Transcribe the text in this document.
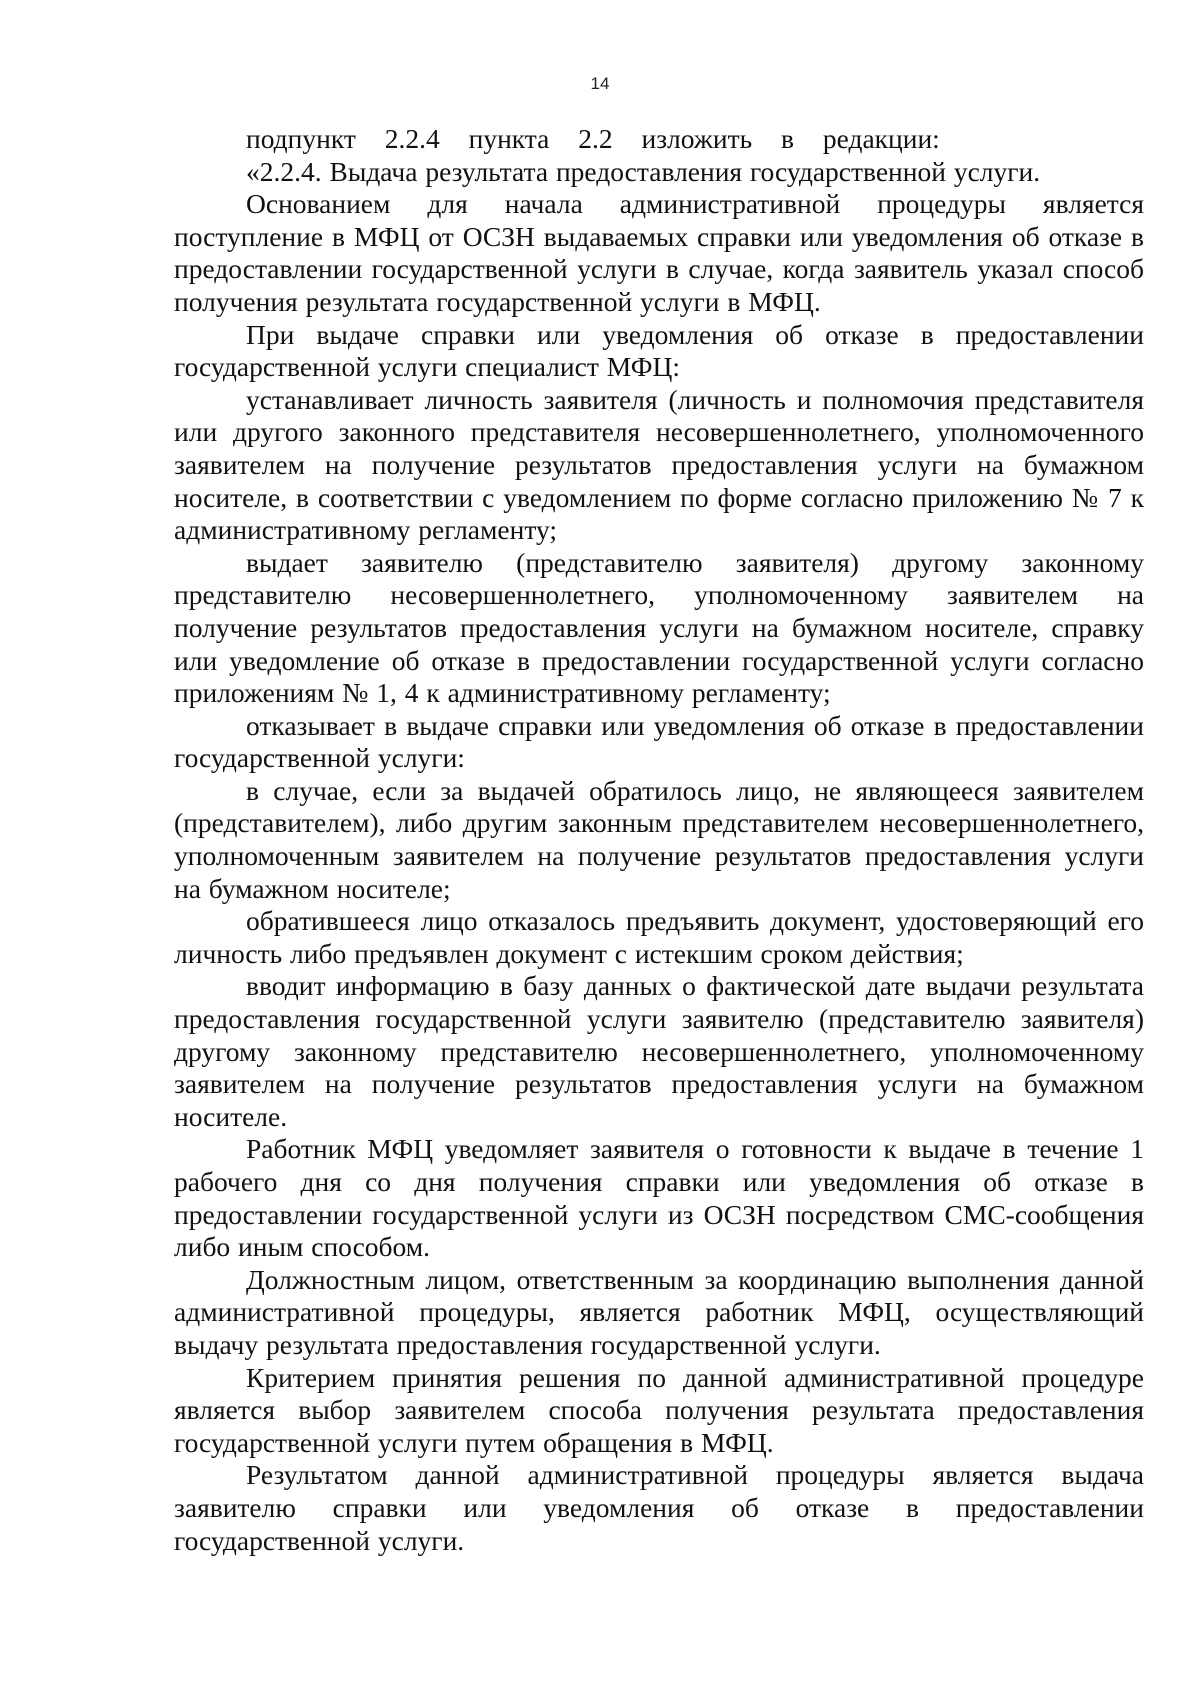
14

подпункт 2.2.4 пункта 2.2 изложить в редакции:

«2.2.4. Выдача результата предоставления государственной услуги.

Основанием для начала административной процедуры является поступление в МФЦ от ОСЗН выдаваемых справки или уведомления об отказе в предоставлении государственной услуги в случае, когда заявитель указал способ получения результата государственной услуги в МФЦ.

При выдаче справки или уведомления об отказе в предоставлении государственной услуги специалист МФЦ:

устанавливает личность заявителя (личность и полномочия представителя или другого законного представителя несовершеннолетнего, уполномоченного заявителем на получение результатов предоставления услуги на бумажном носителе, в соответствии с уведомлением по форме согласно приложению № 7 к административному регламенту;

выдает заявителю (представителю заявителя) другому законному представителю несовершеннолетнего, уполномоченному заявителем на получение результатов предоставления услуги на бумажном носителе, справку или уведомление об отказе в предоставлении государственной услуги согласно приложениям № 1, 4 к административному регламенту;

отказывает в выдаче справки или уведомления об отказе в предоставлении государственной услуги:

в случае, если за выдачей обратилось лицо, не являющееся заявителем (представителем), либо другим законным представителем несовершеннолетнего, уполномоченным заявителем на получение результатов предоставления услуги на бумажном носителе;

обратившееся лицо отказалось предъявить документ, удостоверяющий его личность либо предъявлен документ с истекшим сроком действия;

вводит информацию в базу данных о фактической дате выдачи результата предоставления государственной услуги заявителю (представителю заявителя) другому законному представителю несовершеннолетнего, уполномоченному заявителем на получение результатов предоставления услуги на бумажном носителе.

Работник МФЦ уведомляет заявителя о готовности к выдаче в течение 1 рабочего дня со дня получения справки или уведомления об отказе в предоставлении государственной услуги из ОСЗН посредством СМС-сообщения либо иным способом.

Должностным лицом, ответственным за координацию выполнения данной административной процедуры, является работник МФЦ, осуществляющий выдачу результата предоставления государственной услуги.

Критерием принятия решения по данной административной процедуре является выбор заявителем способа получения результата предоставления государственной услуги путем обращения в МФЦ.

Результатом данной административной процедуры является выдача заявителю справки или уведомления об отказе в предоставлении государственной услуги.
